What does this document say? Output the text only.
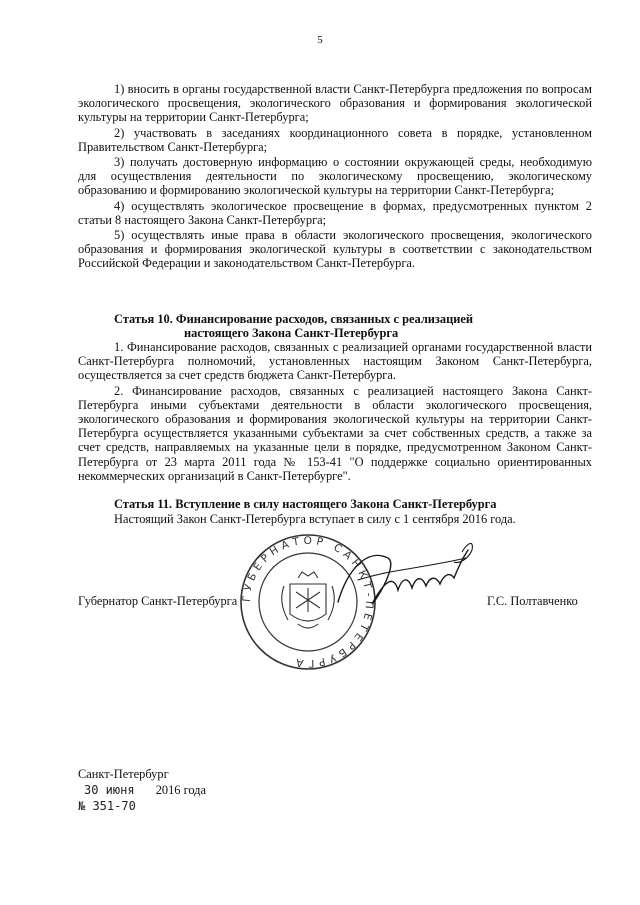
5

1) вносить в органы государственной власти Санкт-Петербурга предложения по вопросам экологического просвещения, экологического образования и формирования экологической культуры на территории Санкт-Петербурга;

2) участвовать в заседаниях координационного совета в порядке, установленном Правительством Санкт-Петербурга;

3) получать достоверную информацию о состоянии окружающей среды, необходимую для осуществления деятельности по экологическому просвещению, экологическому образованию и формированию экологической культуры на территории Санкт-Петербурга;

4) осуществлять экологическое просвещение в формах, предусмотренных пунктом 2 статьи 8 настоящего Закона Санкт-Петербурга;

5) осуществлять иные права в области экологического просвещения, экологического образования и формирования экологической культуры в соответствии с законодательством Российской Федерации и законодательством Санкт-Петербурга.

Статья 10. Финансирование расходов, связанных с реализацией
настоящего Закона Санкт-Петербурга

1. Финансирование расходов, связанных с реализацией органами государственной власти Санкт-Петербурга полномочий, установленных настоящим Законом Санкт-Петербурга, осуществляется за счет средств бюджета Санкт-Петербурга.

2. Финансирование расходов, связанных с реализацией настоящего Закона Санкт-Петербурга иными субъектами деятельности в области экологического просвещения, экологического образования и формирования экологической культуры на территории Санкт-Петербурга осуществляется указанными субъектами за счет собственных средств, а также за счет средств, направляемых на указанные цели в порядке, предусмотренном Законом Санкт-Петербурга от 23 марта 2011 года № 153-41 "О поддержке социально ориентированных некоммерческих организаций в Санкт-Петербурге".

Статья 11. Вступление в силу настоящего Закона Санкт-Петербурга

Настоящий Закон Санкт-Петербурга вступает в силу с 1 сентября 2016 года.

ГУБЕРНАТОР САНКТ-ПЕТЕРБУРГА
Губернатор Санкт-Петербурга	Г.С. Полтавченко
Санкт-Петербург
30 июня 2016 года
№ 351-70
